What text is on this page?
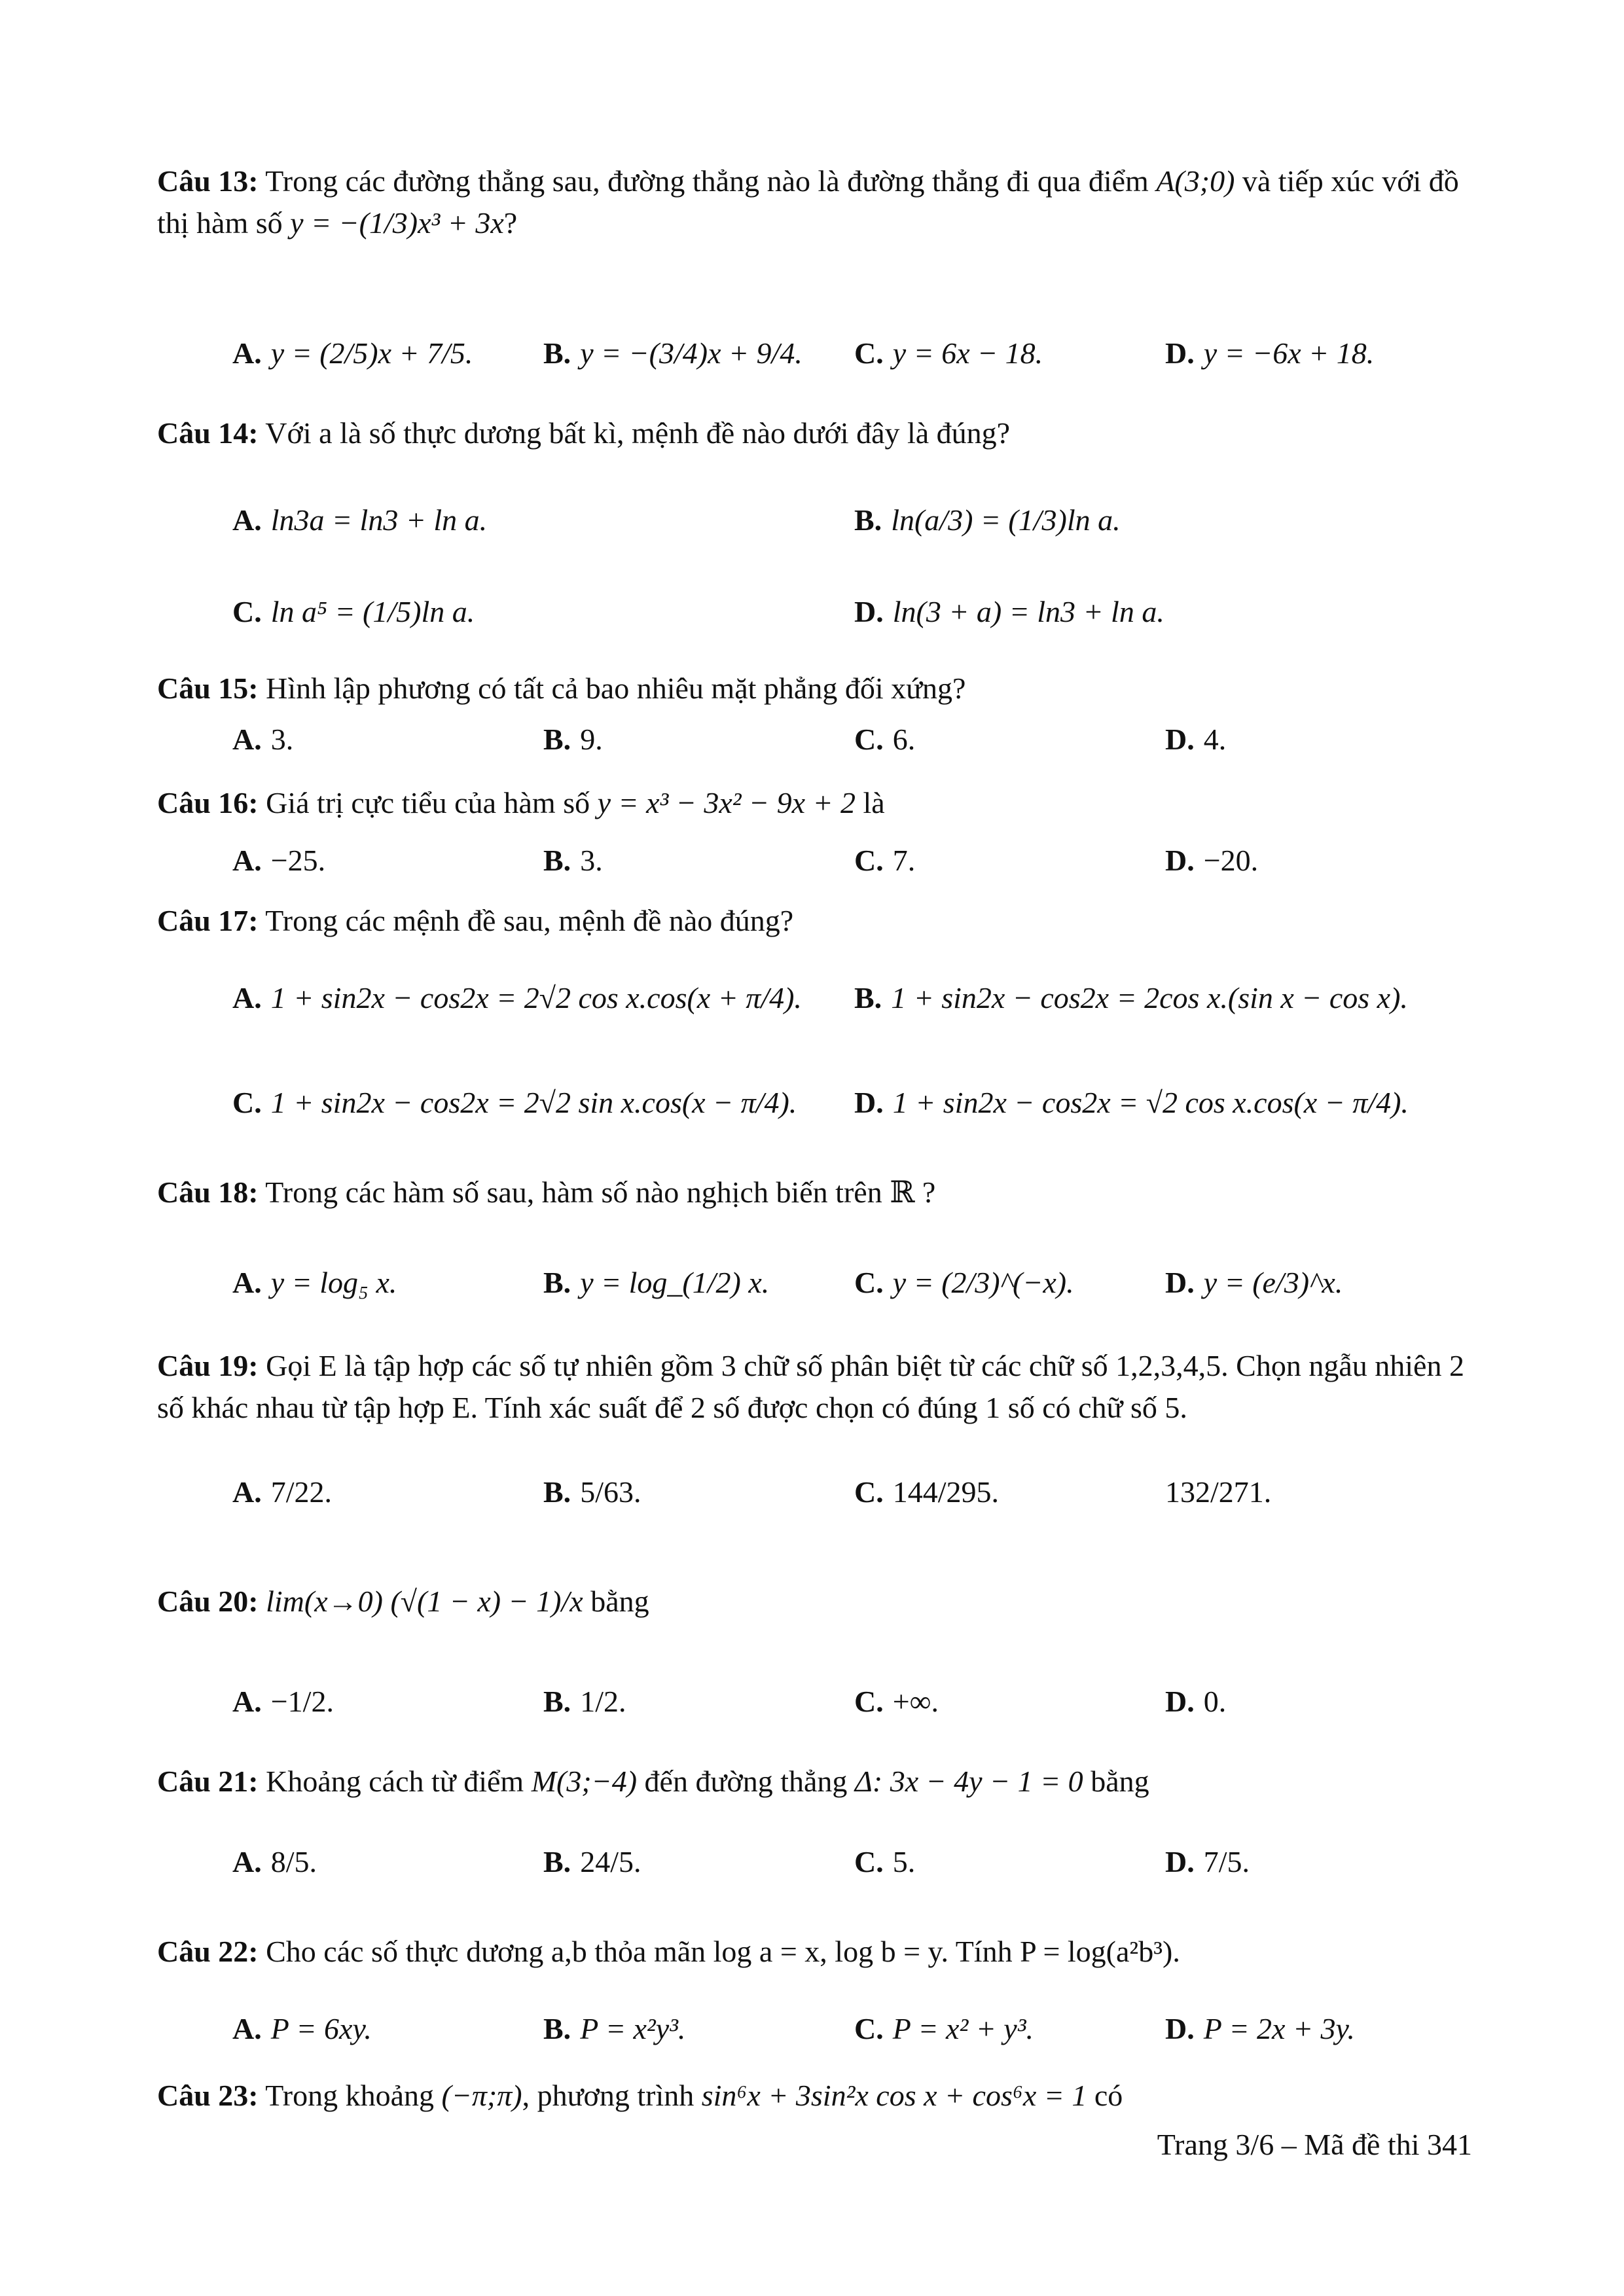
Câu 13: Trong các đường thẳng sau, đường thẳng nào là đường thẳng đi qua điểm A(3;0) và tiếp xúc với đồ thị hàm số y = −(1/3)x³ + 3x?
A. y = (2/5)x + 7/5. B. y = −(3/4)x + 9/4. C. y = 6x − 18.	D. y = −6x + 18.
Câu 14: Với a là số thực dương bất kì, mệnh đề nào dưới đây là đúng?
A. ln3a = ln3 + ln a.	B. ln(a/3) = (1/3)ln a.
C. ln a⁵ = (1/5)ln a.	D. ln(3 + a) = ln3 + ln a.
Câu 15: Hình lập phương có tất cả bao nhiêu mặt phẳng đối xứng?
A. 3.	B. 9.	C. 6.	D. 4.
Câu 16: Giá trị cực tiểu của hàm số y = x³ − 3x² − 9x + 2 là
A. −25.	B. 3.	C. 7.	D. −20.
Câu 17: Trong các mệnh đề sau, mệnh đề nào đúng?
A. 1 + sin2x − cos2x = 2√2 cos x.cos(x + π/4). B. 1 + sin2x − cos2x = 2cos x.(sin x − cos x).
C. 1 + sin2x − cos2x = 2√2 sin x.cos(x − π/4). D. 1 + sin2x − cos2x = √2 cos x.cos(x − π/4).
Câu 18: Trong các hàm số sau, hàm số nào nghịch biến trên ℝ ?
A. y = log₅ x.	B. y = log_(1/2) x.	C. y = (2/3)^(−x).	D. y = (e/3)^x.
Câu 19: Gọi E là tập hợp các số tự nhiên gồm 3 chữ số phân biệt từ các chữ số 1,2,3,4,5. Chọn ngẫu nhiên 2 số khác nhau từ tập hợp E. Tính xác suất để 2 số được chọn có đúng 1 số có chữ số 5.
A. 7/22.	B. 5/63.	C. 144/295.	132/271.
Câu 20: lim(x→0) (√(1 − x) − 1)/x bằng
A. −1/2.	B. 1/2.	C. +∞.	D. 0.
Câu 21: Khoảng cách từ điểm M(3;−4) đến đường thẳng Δ: 3x − 4y − 1 = 0 bằng
A. 8/5.	B. 24/5.	C. 5.	D. 7/5.
Câu 22: Cho các số thực dương a,b thỏa mãn log a = x, log b = y. Tính P = log(a²b³).
A. P = 6xy.	B. P = x²y³.	C. P = x² + y³.	D. P = 2x + 3y.
Câu 23: Trong khoảng (−π;π), phương trình sin⁶x + 3sin²x cos x + cos⁶x = 1 có
Trang 3/6 – Mã đề thi 341
